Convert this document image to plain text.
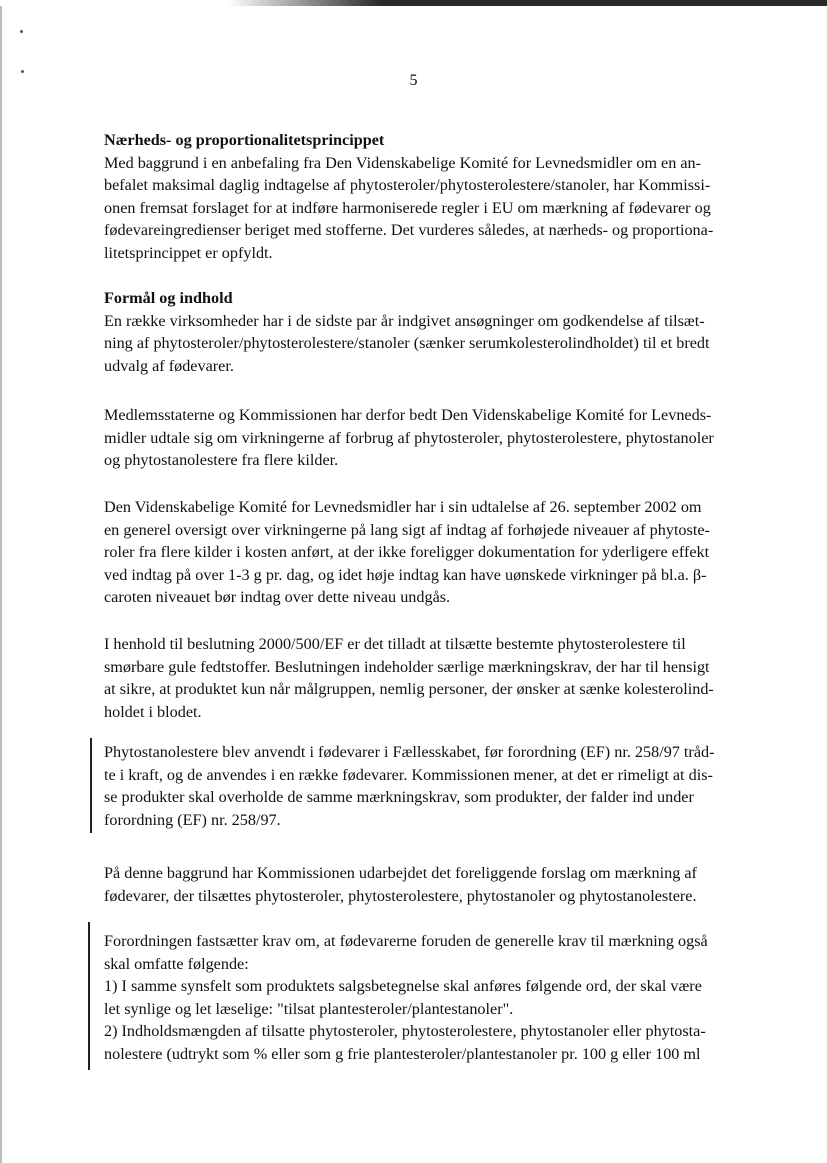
5
Nærheds- og proportionalitetsprincippet
Med baggrund i en anbefaling fra Den Videnskabelige Komité for Levnedsmidler om en an-
befalet maksimal daglig indtagelse af phytosteroler/phytosterolestere/stanoler, har Kommissi-
onen fremsat forslaget for at indføre harmoniserede regler i EU om mærkning af fødevarer og
fødevareingredienser beriget med stofferne. Det vurderes således, at nærheds- og proportiona-
litetsprincippet er opfyldt.
Formål og indhold
En række virksomheder har i de sidste par år indgivet ansøgninger om godkendelse af tilsæt-
ning af phytosteroler/phytosterolestere/stanoler (sænker serumkolesterolindholdet) til et bredt
udvalg af fødevarer.
Medlemsstaterne og Kommissionen har derfor bedt Den Videnskabelige Komité for Levneds-
midler udtale sig om virkningerne af forbrug af phytosteroler, phytosterolestere, phytostanoler
og phytostanolestere fra flere kilder.
Den Videnskabelige Komité for Levnedsmidler har i sin udtalelse af 26. september 2002 om
en generel oversigt over virkningerne på lang sigt af indtag af forhøjede niveauer af phytoste-
roler fra flere kilder i kosten anført, at der ikke foreligger dokumentation for yderligere effekt
ved indtag på over 1-3 g pr. dag, og idet høje indtag kan have uønskede virkninger på bl.a. β-
caroten niveauet bør indtag over dette niveau undgås.
I henhold til beslutning 2000/500/EF er det tilladt at tilsætte bestemte phytosterolestere til
smørbare gule fedtstoffer. Beslutningen indeholder særlige mærkningskrav, der har til hensigt
at sikre, at produktet kun når målgruppen, nemlig personer, der ønsker at sænke kolesterolind-
holdet i blodet.
Phytostanolestere blev anvendt i fødevarer i Fællesskabet, før forordning (EF) nr. 258/97 tråd-
te i kraft, og de anvendes i en række fødevarer. Kommissionen mener, at det er rimeligt at dis-
se produkter skal overholde de samme mærkningskrav, som produkter, der falder ind under
forordning (EF) nr. 258/97.
På denne baggrund har Kommissionen udarbejdet det foreliggende forslag om mærkning af
fødevarer, der tilsættes phytosteroler, phytosterolestere, phytostanoler og phytostanolestere.
Forordningen fastsætter krav om, at fødevarerne foruden de generelle krav til mærkning også
skal omfatte følgende:
1) I samme synsfelt som produktets salgsbetegnelse skal anføres følgende ord, der skal være
let synlige og let læselige: "tilsat plantesteroler/plantestanoler".
2) Indholdsmængden af tilsatte phytosteroler, phytosterolestere, phytostanoler eller phytosta-
nolestere (udtrykt som % eller som g frie plantesteroler/plantestanoler pr. 100 g eller 100 ml
